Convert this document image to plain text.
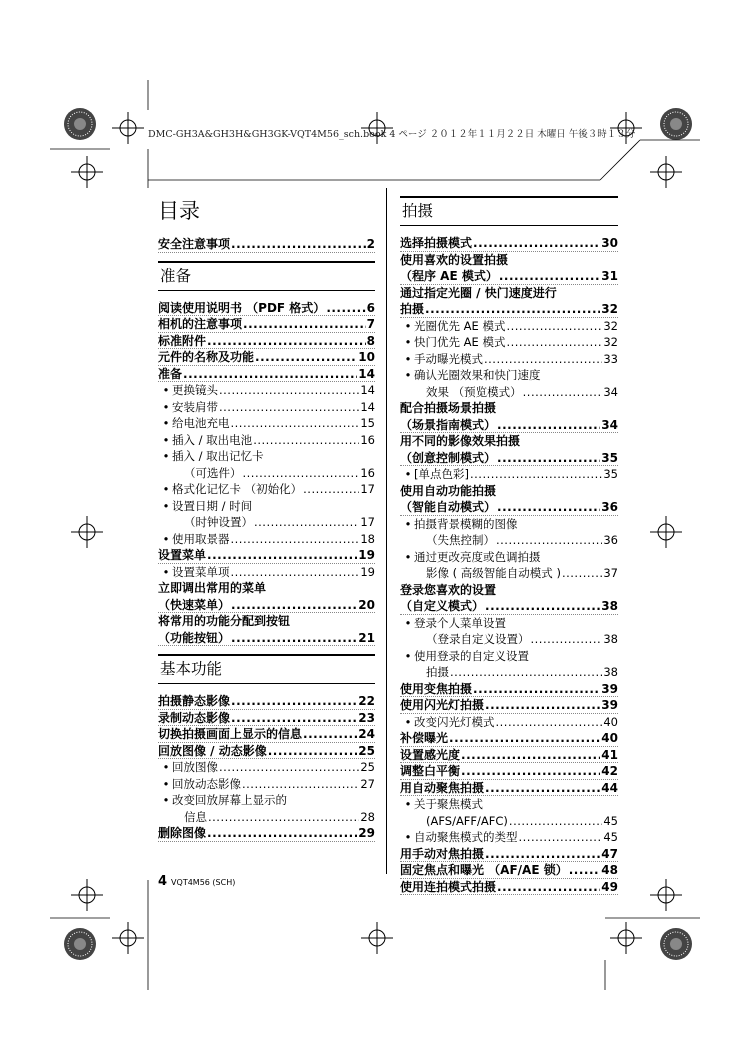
DMC-GH3A&GH3H&GH3GK-VQT4M56_sch.book 4 ページ ２０１２年１１月２２日 木曜日 午後３時１３分
目录
安全注意事项 .....	2
准备
阅读使用说明书 （PDF 格式） .....	6
相机的注意事项 .....	7
标准附件 .....	8
元件的名称及功能 .....	10
准备 .....	14
• 更换镜头 .....	14
• 安装肩带 .....	14
• 给电池充电 .....	15
• 插入 / 取出电池 .....	16
• 插入 / 取出记忆卡
（可选件） .....	16
• 格式化记忆卡 （初始化） .....	17
• 设置日期 / 时间
（时钟设置） .....	17
• 使用取景器 .....	18
设置菜单 .....	19
• 设置菜单项 .....	19
立即调出常用的菜单
（快速菜单） .....	20
将常用的功能分配到按钮
（功能按钮） .....	21
基本功能
拍摄静态影像 .....	22
录制动态影像 .....	23
切换拍摄画面上显示的信息 .....	24
回放图像 / 动态影像 .....	25
• 回放图像 .....	25
• 回放动态影像 .....	27
• 改变回放屏幕上显示的
信息 .....	28
删除图像 .....	29
拍摄
选择拍摄模式 .....	30
使用喜欢的设置拍摄
（程序 AE 模式） .....	31
通过指定光圈 / 快门速度进行
拍摄 .....	32
• 光圈优先 AE 模式 .....	32
• 快门优先 AE 模式 .....	32
• 手动曝光模式 .....	33
• 确认光圈效果和快门速度
效果 （预览模式） .....	34
配合拍摄场景拍摄
（场景指南模式） .....	34
用不同的影像效果拍摄
（创意控制模式） .....	35
• [单点色彩] .....	35
使用自动功能拍摄
（智能自动模式） .....	36
• 拍摄背景模糊的图像
（失焦控制） .....	36
• 通过更改亮度或色调拍摄
影像 ( 高级智能自动模式 ) .....	37
登录您喜欢的设置
（自定义模式） .....	38
• 登录个人菜单设置
（登录自定义设置） .....	38
• 使用登录的自定义设置
拍摄 .....	38
使用变焦拍摄 .....	39
使用闪光灯拍摄 .....	39
• 改变闪光灯模式 .....	40
补偿曝光 .....	40
设置感光度 .....	41
调整白平衡 .....	42
用自动聚焦拍摄 .....	44
• 关于聚焦模式
(AFS/AFF/AFC) .....	45
• 自动聚焦模式的类型 .....	45
用手动对焦拍摄 .....	47
固定焦点和曝光 （AF/AE 锁） .....	48
使用连拍模式拍摄 .....	49
4 VQT4M56 (SCH)
